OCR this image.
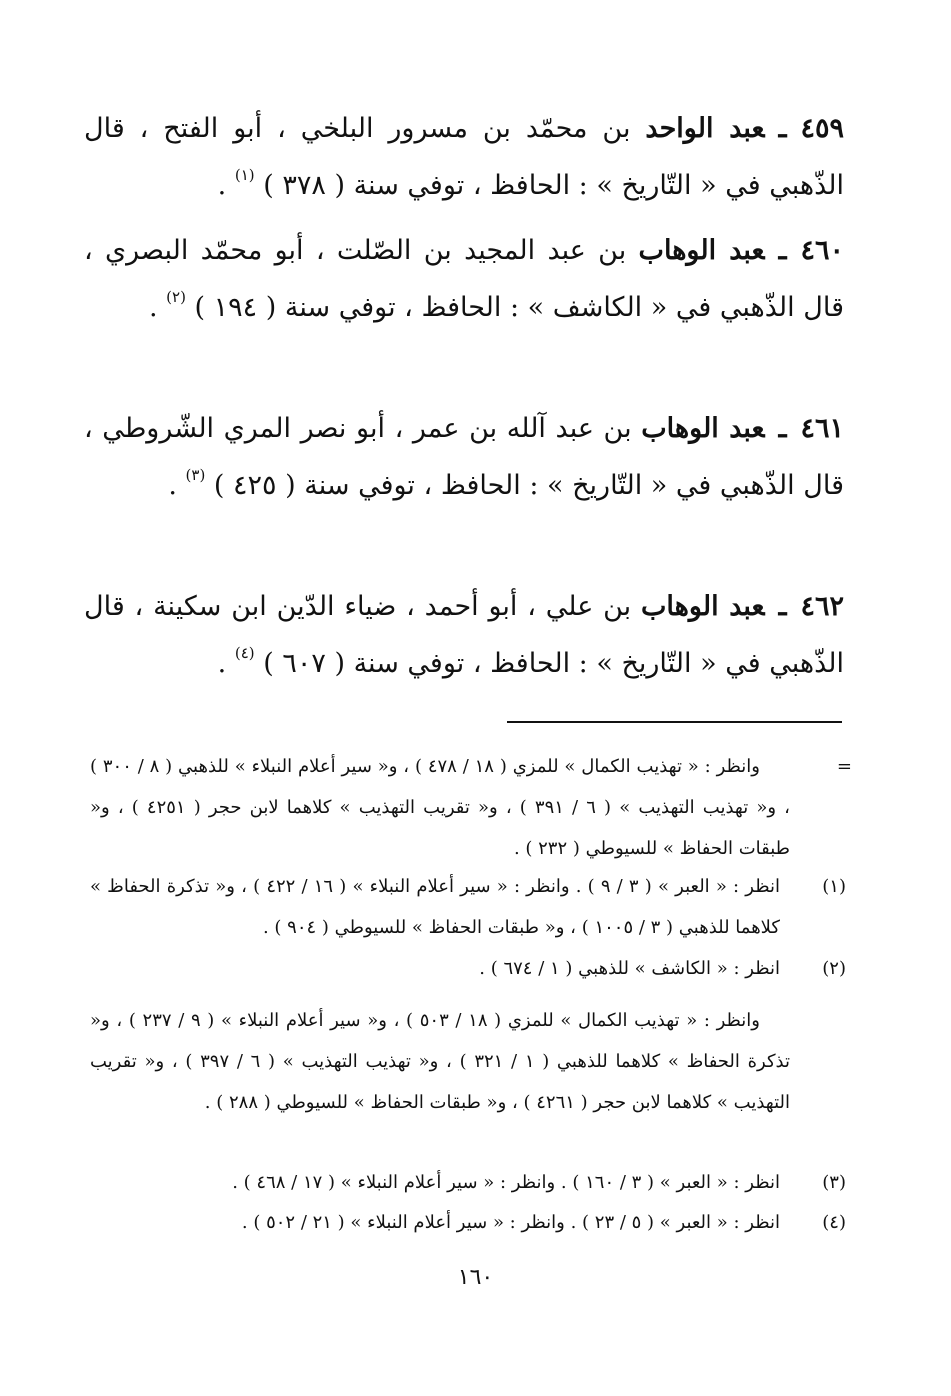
٤٥٩ـعبد الواحد بن محمّد بن مسرور البلخي ، أبو الفتح ، قال الذّهبي في « التّاريخ » : الحافظ ، توفي سنة ( ٣٧٨ ) $^{(١)}$ .
٤٦٠ـعبد الوهاب بن عبد المجيد بن الصّلت ، أبو محمّد البصري ، قال الذّهبي في « الكاشف » : الحافظ ، توفي سنة ( ١٩٤ ) $^{(٢)}$ .
٤٦١ـعبد الوهاب بن عبد آلله بن عمر ، أبو نصر المري الشّروطي ، قال الذّهبي في « التّاريخ » : الحافظ ، توفي سنة ( ٤٢٥ ) $^{(٣)}$ .
٤٦٢ـعبد الوهاب بن علي ، أبو أحمد ، ضياء الدّين ابن سكينة ، قال الذّهبي في « التّاريخ » : الحافظ ، توفي سنة ( ٦٠٧ ) $^{(٤)}$ .
=
وانظر : « تهذيب الكمال » للمزي ( ١٨ / ٤٧٨ ) ، و« سير أعلام النبلاء » للذهبي ( ٨ / ٣٠٠ ) ، و« تهذيب التهذيب » ( ٦ / ٣٩١ ) ، و« تقريب التهذيب » كلاهما لابن حجر ( ٤٢٥١ ) ، و« طبقات الحفاظ » للسيوطي ( ٢٣٢ ) .
(١)
انظر : « العبر » ( ٣ / ٩ ) . وانظر : « سير أعلام النبلاء » ( ١٦ / ٤٢٢ ) ، و« تذكرة الحفاظ » كلاهما للذهبي ( ٣ / ١٠٠٥ ) ، و« طبقات الحفاظ » للسيوطي ( ٩٠٤ ) .
(٢)
انظر : « الكاشف » للذهبي ( ١ / ٦٧٤ ) .
وانظر : « تهذيب الكمال » للمزي ( ١٨ / ٥٠٣ ) ، و« سير أعلام النبلاء » ( ٩ / ٢٣٧ ) ، و« تذكرة الحفاظ » كلاهما للذهبي ( ١ / ٣٢١ ) ، و« تهذيب التهذيب » ( ٦ / ٣٩٧ ) ، و« تقريب التهذيب » كلاهما لابن حجر ( ٤٢٦١ ) ، و« طبقات الحفاظ » للسيوطي ( ٢٨٨ ) .
(٣)
انظر : « العبر » ( ٣ / ١٦٠ ) . وانظر : « سير أعلام النبلاء » ( ١٧ / ٤٦٨ ) .
(٤)
انظر : « العبر » ( ٥ / ٢٣ ) . وانظر : « سير أعلام النبلاء » ( ٢١ / ٥٠٢ ) .
١٦٠
